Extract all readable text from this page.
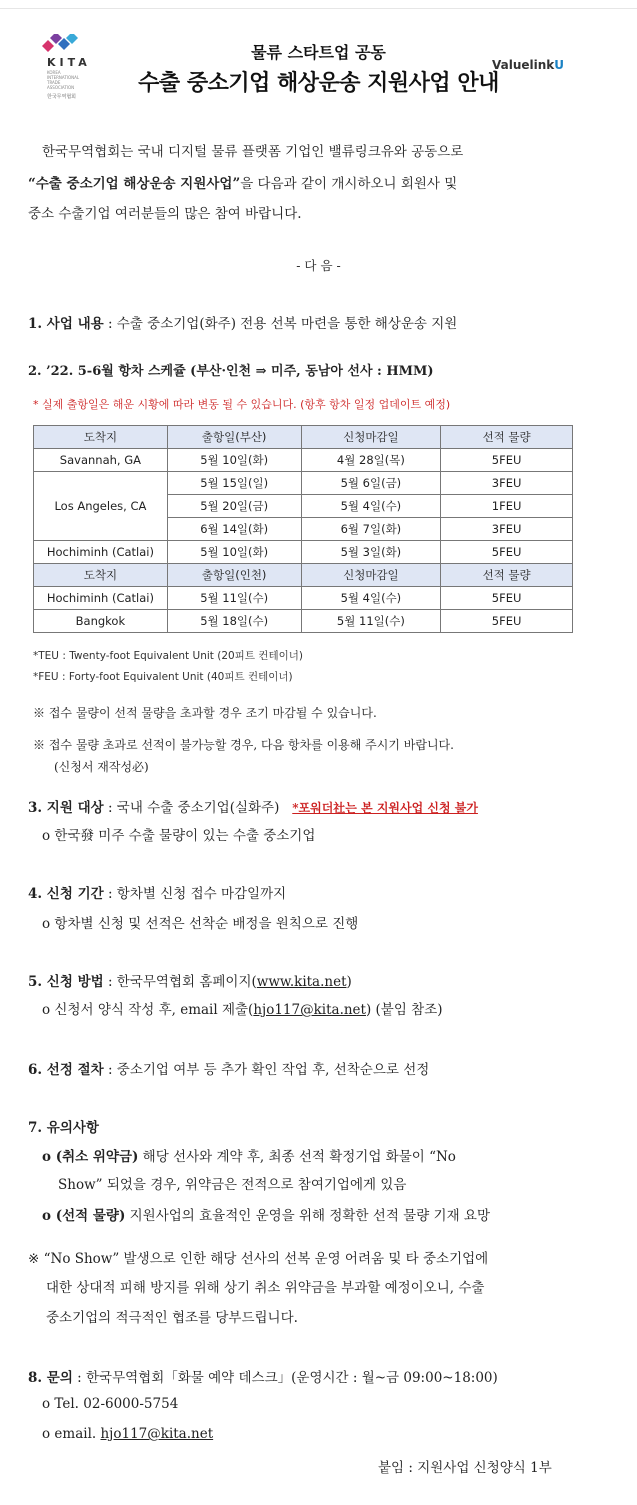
KITA
KOREA INTERNATIONAL TRADE ASSOCIATION
한국무역협회
물류 스타트업 공동
수출 중소기업 해상운송 지원사업 안내
ValuelinkU
한국무역협회는 국내 디지털 물류 플랫폼 기업인 밸류링크유와 공동으로
“수출 중소기업 해상운송 지원사업”을 다음과 같이 개시하오니 회원사 및
중소 수출기업 여러분들의 많은 참여 바랍니다.
- 다 음 -
1. 사업 내용 : 수출 중소기업(화주) 전용 선복 마련을 통한 해상운송 지원
2. ’22. 5-6월 항차 스케쥴 (부산·인천 ⇒ 미주, 동남아 선사 : HMM)
* 실제 출항일은 해운 시황에 따라 변동 될 수 있습니다. (항후 항차 일정 업데이트 예정)
도착지	출항일(부산)	신청마감일	선적 물량
Savannah, GA	5월 10일(화)	4월 28일(목)	5FEU
Los Angeles, CA	5월 15일(일)	5월 6일(금)	3FEU
	5월 20일(금)	5월 4일(수)	1FEU
	6월 14일(화)	6월 7일(화)	3FEU
Hochiminh (Catlai)	5월 10일(화)	5월 3일(화)	5FEU
도착지	출항일(인천)	신청마감일	선적 물량
Hochiminh (Catlai)	5월 11일(수)	5월 4일(수)	5FEU
Bangkok	5월 18일(수)	5월 11일(수)	5FEU
*TEU : Twenty-foot Equivalent Unit (20피트 컨테이너)
*FEU : Forty-foot Equivalent Unit (40피트 컨테이너)
※ 접수 물량이 선적 물량을 초과할 경우 조기 마감될 수 있습니다.
※ 접수 물량 초과로 선적이 불가능할 경우, 다음 항차를 이용해 주시기 바랍니다.
(신청서 재작성必)
3. 지원 대상 : 국내 수출 중소기업(실화주) *포워더社는 본 지원사업 신청 불가
o 한국發 미주 수출 물량이 있는 수출 중소기업
4. 신청 기간 : 항차별 신청 접수 마감일까지
o 항차별 신청 및 선적은 선착순 배정을 원칙으로 진행
5. 신청 방법 : 한국무역협회 홈페이지(www.kita.net)
o 신청서 양식 작성 후, email 제출(hjo117@kita.net) (붙임 참조)
6. 선정 절차 : 중소기업 여부 등 추가 확인 작업 후, 선착순으로 선정
7. 유의사항
o (취소 위약금) 해당 선사와 계약 후, 최종 선적 확정기업 화물이 “No
Show” 되었을 경우, 위약금은 전적으로 참여기업에게 있음
o (선적 물량) 지원사업의 효율적인 운영을 위해 정확한 선적 물량 기재 요망
※ “No Show” 발생으로 인한 해당 선사의 선복 운영 어려움 및 타 중소기업에
대한 상대적 피해 방지를 위해 상기 취소 위약금을 부과할 예정이오니, 수출
중소기업의 적극적인 협조를 당부드립니다.
8. 문의 : 한국무역협회「화물 예약 데스크」(운영시간 : 월~금 09:00~18:00)
o Tel. 02-6000-5754
o email. hjo117@kita.net
붙임 : 지원사업 신청양식 1부
